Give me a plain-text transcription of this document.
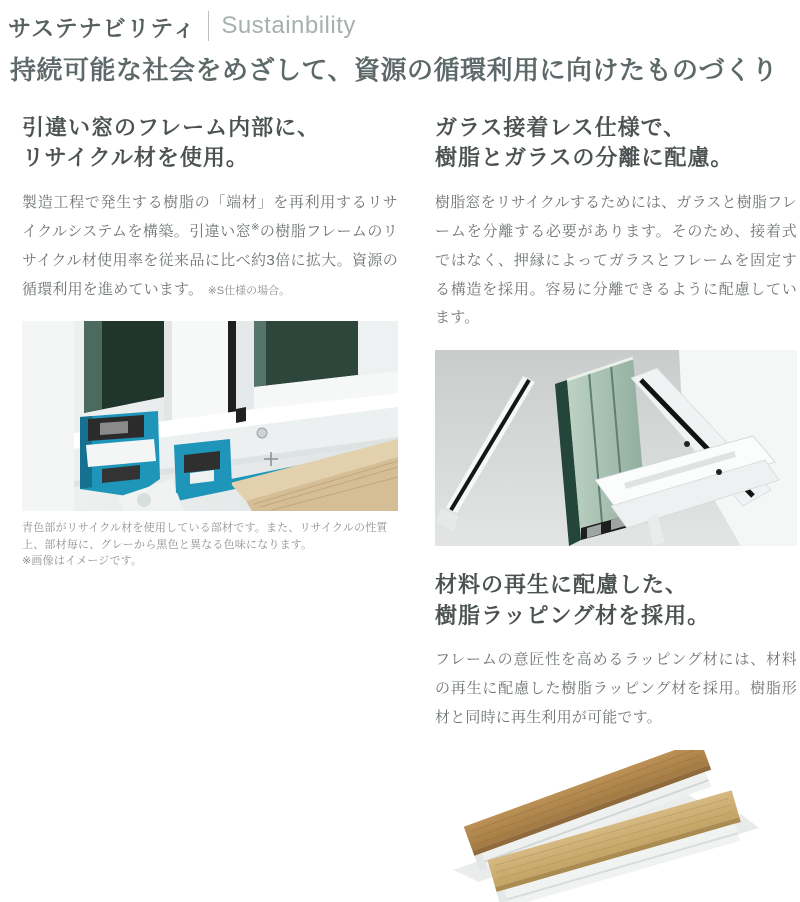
サステナビリティ Sustainbility
持続可能な社会をめざして、資源の循環利用に向けたものづくり
引違い窓のフレーム内部に、
リサイクル材を使用。

製造工程で発生する樹脂の「端材」を再利用するリサイクルシステムを構築。引違い窓※の樹脂フレームのリサイクル材使用率を従来品に比べ約3倍に拡大。資源の循環利用を進めています。 ※S仕様の場合。

青色部がリサイクル材を使用している部材です。また、リサイクルの性質上、部材毎に、グレーから黒色と異なる色味になります。
※画像はイメージです。
ガラス接着レス仕様で、
樹脂とガラスの分離に配慮。

樹脂窓をリサイクルするためには、ガラスと樹脂フレームを分離する必要があります。そのため、接着式ではなく、押縁によってガラスとフレームを固定する構造を採用。容易に分離できるように配慮しています。

材料の再生に配慮した、
樹脂ラッピング材を採用。

フレームの意匠性を高めるラッピング材には、材料の再生に配慮した樹脂ラッピング材を採用。樹脂形材と同時に再生利用が可能です。
